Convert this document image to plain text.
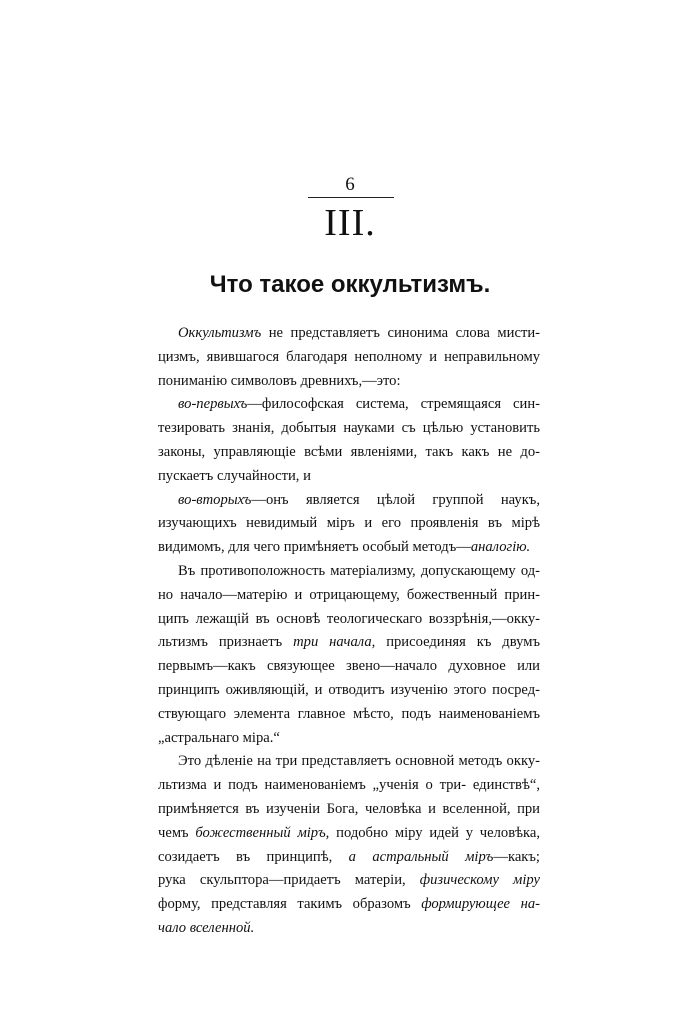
6
III.
Что такое оккультизмъ.
Оккультизмъ не представляетъ синонима слова мисти-
цизмъ, явившагося благодаря неполному и неправильному
пониманію символовъ древнихъ,—это:
во-первыхъ—философская система, стремящаяся син-
тезировать знанія, добытыя науками съ цѣлью установить
законы, управляющіе всѣми явленіями, такъ какъ не до-
пускаетъ случайности, и
во-вторыхъ—онъ является цѣлой группой наукъ,
изучающихъ невидимый міръ и его проявленія въ мірѣ
видимомъ, для чего примѣняетъ особый методъ—аналогію.
Въ противоположность матеріализму, допускающему од-
но начало—матерію и отрицающему, божественный прин-
ципъ лежащій въ основѣ теологическаго воззрѣнія,—окку-
льтизмъ признаетъ три начала, присоединяя къ двумъ
первымъ—какъ связующее звено—начало духовное или
принципъ оживляющій, и отводитъ изученію этого посред-
ствующаго элемента главное мѣсто, подъ наименованіемъ
„астральнаго міра.“
Это дѣленіе на три представляетъ основной методъ окку-
льтизма и подъ наименованіемъ „ученія о три- единствѣ“,
примѣняется въ изученіи Бога, человѣка и вселенной, при
чемъ божественный міръ, подобно міру идей у человѣка,
созидаетъ въ принципѣ, а астральный міръ—какъ;
рука скульптора—придаетъ матеріи, физическому міру
форму, представляя такимъ образомъ формирующее на-
чало вселенной.
